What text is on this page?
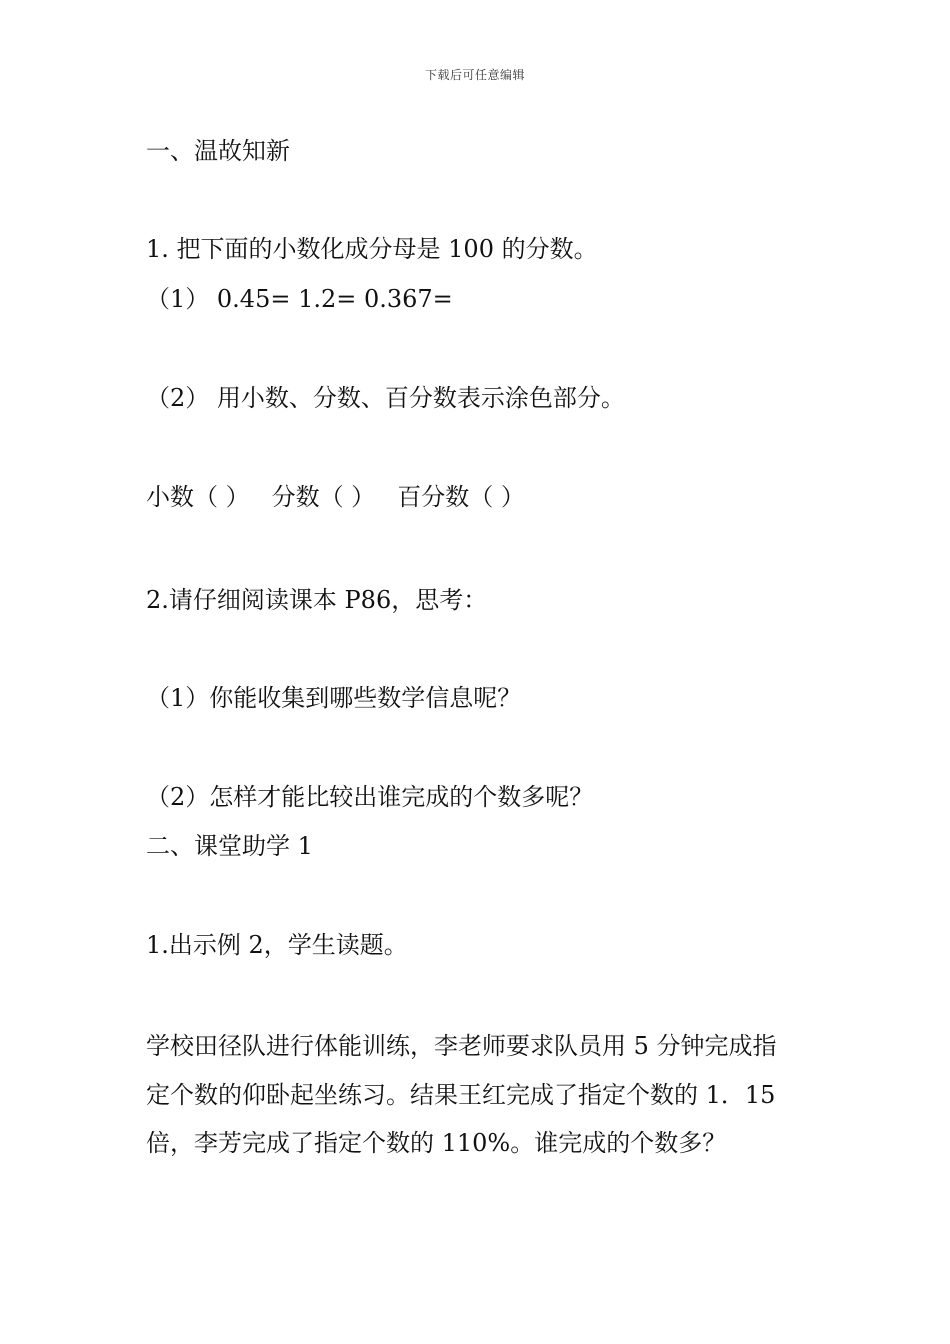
下载后可任意编辑
一、温故知新
1. 把下面的小数化成分母是 100 的分数。
（1） 0.45= 1.2= 0.367=
（2） 用小数、分数、百分数表示涂色部分。
小数（ ） 分数（ ） 百分数（ ）
2.请仔细阅读课本 P86，思考：
（1）你能收集到哪些数学信息呢？
（2）怎样才能比较出谁完成的个数多呢？
二、课堂助学 1
1.出示例 2，学生读题。
学校田径队进行体能训练，李老师要求队员用 5 分钟完成指
定个数的仰卧起坐练习。结果王红完成了指定个数的 1．15
倍，李芳完成了指定个数的 110%。谁完成的个数多？
